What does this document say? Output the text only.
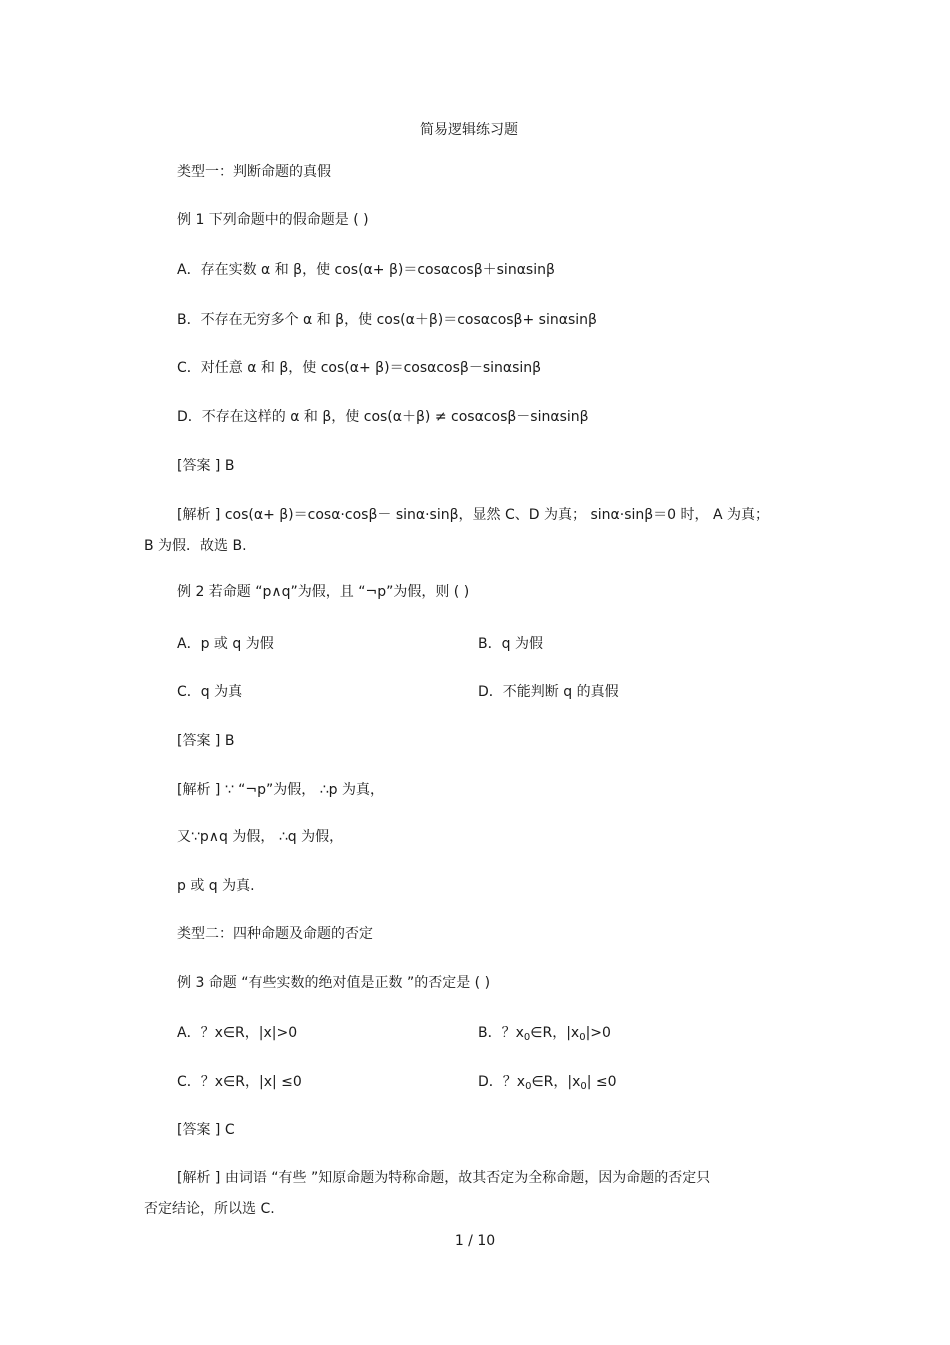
简易逻辑练习题
类型一：判断命题的真假
例 1 下列命题中的假命题是 ( )
A．存在实数 α 和 β，使 cos(α+ β)＝cosαcosβ＋sinαsinβ
B．不存在无穷多个 α 和 β，使 cos(α＋β)＝cosαcosβ+ sinαsinβ
C．对任意 α 和 β，使 cos(α+ β)＝cosαcosβ－sinαsinβ
D．不存在这样的 α 和 β，使 cos(α＋β) ≠ cosαcosβ－sinαsinβ
[答案 ] B
[解析 ] cos(α+ β)＝cosα·cosβ－ sinα·sinβ，显然 C、D 为真； sinα·sinβ＝0 时， A 为真；
B 为假．故选 B.
例 2 若命题 “p∧q”为假，且 “¬p”为假，则 ( )
A．p 或 q 为假	B．q 为假
C．q 为真	D．不能判断 q 的真假
[答案 ] B
[解析 ] ∵ “¬p”为假， ∴p 为真，
又∵p∧q 为假， ∴q 为假，
p 或 q 为真.
类型二：四种命题及命题的否定
例 3 命题 “有些实数的绝对值是正数 ”的否定是 ( )
A．？x∈R，|x|>0	B．？$x_0\in R$，$|x_0|>0$
C．？x∈R，|x| ≤0	D．？$x_0\in R$，$|x_0| \le 0$
[答案 ] C
[解析 ] 由词语 “有些 ”知原命题为特称命题，故其否定为全称命题，因为命题的否定只
否定结论，所以选 C.
1 / 10
